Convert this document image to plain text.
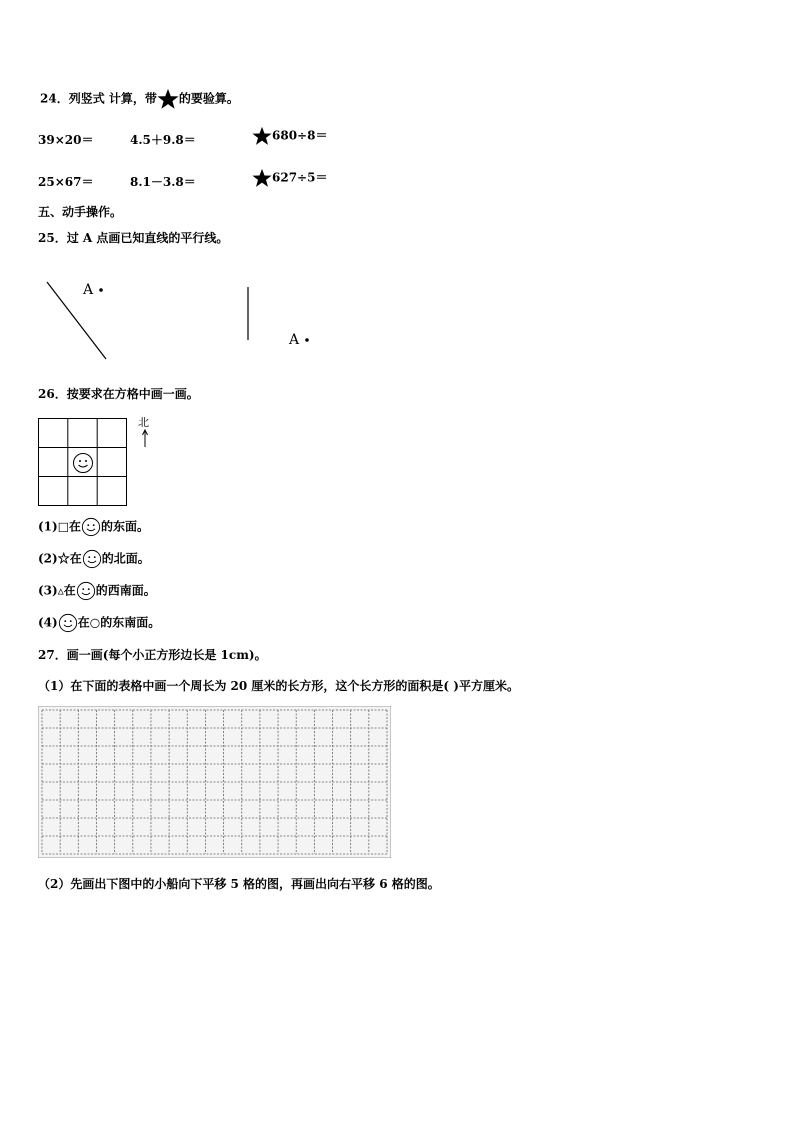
24．列竖式 计算，带 的要验算。
39×20＝	4.5＋9.8＝	680÷8＝
25×67＝	8.1－3.8＝	627÷5＝
五、动手操作。
25．过 A 点画已知直线的平行线。
A
A
26．按要求在方格中画一画。
北
(1)□在 的东面。
(2)☆在 的北面。
(3)▵在 的西南面。
(4) 在○的东南面。
27．画一画(每个小正方形边长是 1cm)。
（1）在下面的表格中画一个周长为 20 厘米的长方形，这个长方形的面积是( )平方厘米。
（2）先画出下图中的小船向下平移 5 格的图，再画出向右平移 6 格的图。
